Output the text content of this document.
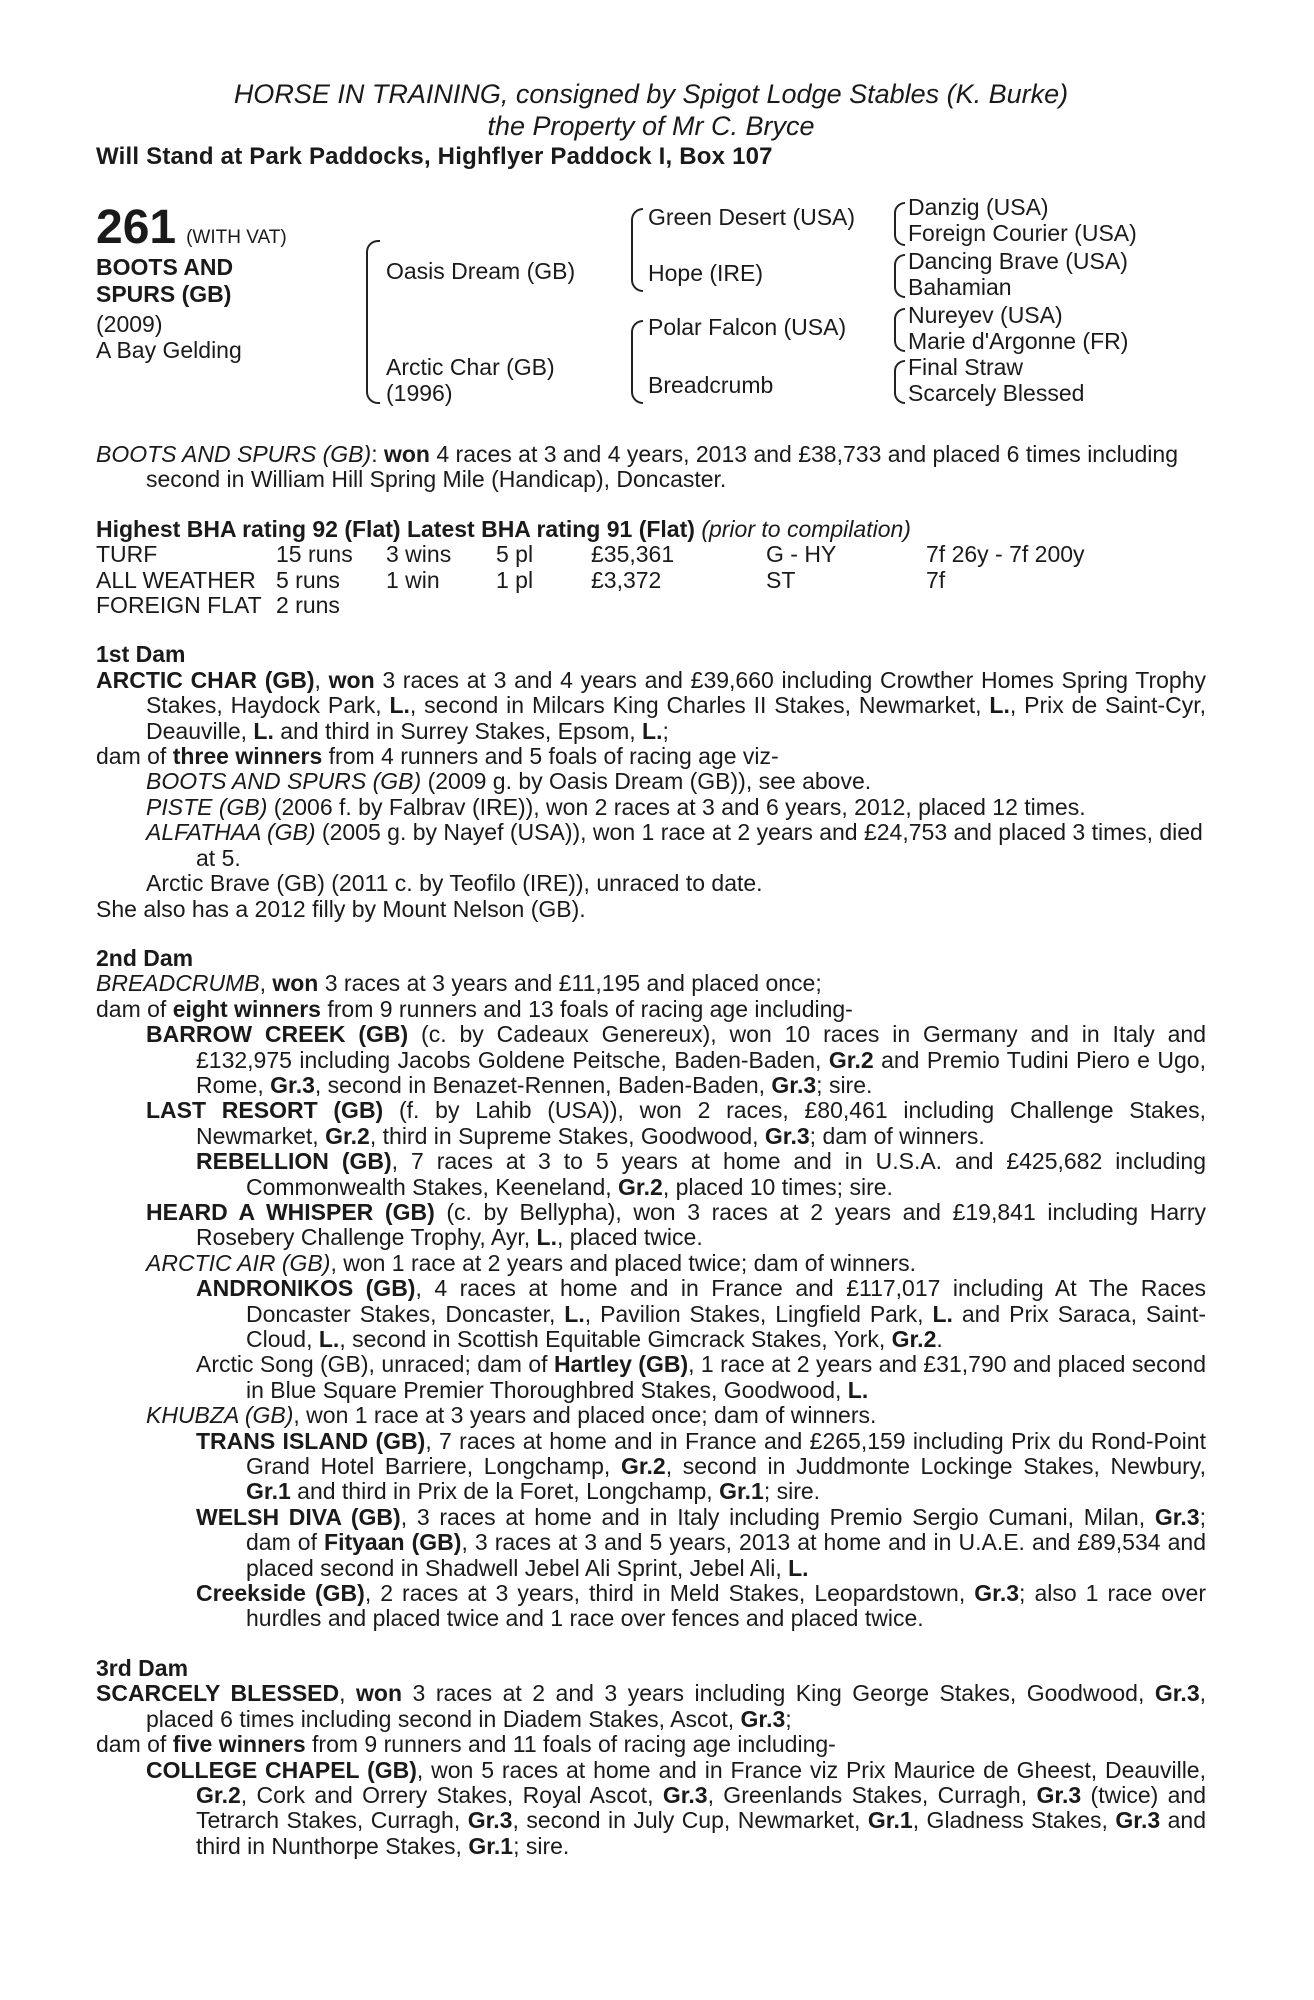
HORSE IN TRAINING, consigned by Spigot Lodge Stables (K. Burke)
the Property of Mr C. Bryce
Will Stand at Park Paddocks, Highflyer Paddock I, Box 107
261 (WITH VAT)
BOOTS AND SPURS (GB)
(2009)
A Bay Gelding
Oasis Dream (GB)
Arctic Char (GB)
(1996)
Green Desert (USA)
Hope (IRE)
Polar Falcon (USA)
Breadcrumb
Danzig (USA)
Foreign Courier (USA)
Dancing Brave (USA)
Bahamian
Nureyev (USA)
Marie d'Argonne (FR)
Final Straw
Scarcely Blessed

BOOTS AND SPURS (GB): won 4 races at 3 and 4 years, 2013 and £38,733 and placed 6 times including second in William Hill Spring Mile (Handicap), Doncaster.

Highest BHA rating 92 (Flat) Latest BHA rating 91 (Flat) (prior to compilation)
TURF	15 runs	3 wins	5 pl	£35,361	G - HY	7f 26y - 7f 200y
ALL WEATHER 5 runs	1 win	1 pl	£3,372	ST	7f
FOREIGN FLAT 2 runs
1st Dam

ARCTIC CHAR (GB), won 3 races at 3 and 4 years and £39,660 including Crowther Homes Spring Trophy Stakes, Haydock Park, L., second in Milcars King Charles II Stakes, Newmarket, L., Prix de Saint-Cyr, Deauville, L. and third in Surrey Stakes, Epsom, L.;

dam of three winners from 4 runners and 5 foals of racing age viz-

BOOTS AND SPURS (GB) (2009 g. by Oasis Dream (GB)), see above.

PISTE (GB) (2006 f. by Falbrav (IRE)), won 2 races at 3 and 6 years, 2012, placed 12 times.

ALFATHAA (GB) (2005 g. by Nayef (USA)), won 1 race at 2 years and £24,753 and placed 3 times, died at 5.

Arctic Brave (GB) (2011 c. by Teofilo (IRE)), unraced to date.

She also has a 2012 filly by Mount Nelson (GB).

2nd Dam

BREADCRUMB, won 3 races at 3 years and £11,195 and placed once;

dam of eight winners from 9 runners and 13 foals of racing age including-

BARROW CREEK (GB) (c. by Cadeaux Genereux), won 10 races in Germany and in Italy and £132,975 including Jacobs Goldene Peitsche, Baden-Baden, Gr.2 and Premio Tudini Piero e Ugo, Rome, Gr.3, second in Benazet-Rennen, Baden-Baden, Gr.3; sire.

LAST RESORT (GB) (f. by Lahib (USA)), won 2 races, £80,461 including Challenge Stakes, Newmarket, Gr.2, third in Supreme Stakes, Goodwood, Gr.3; dam of winners.

REBELLION (GB), 7 races at 3 to 5 years at home and in U.S.A. and £425,682 including Commonwealth Stakes, Keeneland, Gr.2, placed 10 times; sire.

HEARD A WHISPER (GB) (c. by Bellypha), won 3 races at 2 years and £19,841 including Harry Rosebery Challenge Trophy, Ayr, L., placed twice.

ARCTIC AIR (GB), won 1 race at 2 years and placed twice; dam of winners.

ANDRONIKOS (GB), 4 races at home and in France and £117,017 including At The Races Doncaster Stakes, Doncaster, L., Pavilion Stakes, Lingfield Park, L. and Prix Saraca, Saint-Cloud, L., second in Scottish Equitable Gimcrack Stakes, York, Gr.2.

Arctic Song (GB), unraced; dam of Hartley (GB), 1 race at 2 years and £31,790 and placed second in Blue Square Premier Thoroughbred Stakes, Goodwood, L.

KHUBZA (GB), won 1 race at 3 years and placed once; dam of winners.

TRANS ISLAND (GB), 7 races at home and in France and £265,159 including Prix du Rond-Point Grand Hotel Barriere, Longchamp, Gr.2, second in Juddmonte Lockinge Stakes, Newbury, Gr.1 and third in Prix de la Foret, Longchamp, Gr.1; sire.

WELSH DIVA (GB), 3 races at home and in Italy including Premio Sergio Cumani, Milan, Gr.3; dam of Fityaan (GB), 3 races at 3 and 5 years, 2013 at home and in U.A.E. and £89,534 and placed second in Shadwell Jebel Ali Sprint, Jebel Ali, L.

Creekside (GB), 2 races at 3 years, third in Meld Stakes, Leopardstown, Gr.3; also 1 race over hurdles and placed twice and 1 race over fences and placed twice.

3rd Dam

SCARCELY BLESSED, won 3 races at 2 and 3 years including King George Stakes, Goodwood, Gr.3, placed 6 times including second in Diadem Stakes, Ascot, Gr.3;

dam of five winners from 9 runners and 11 foals of racing age including-

COLLEGE CHAPEL (GB), won 5 races at home and in France viz Prix Maurice de Gheest, Deauville, Gr.2, Cork and Orrery Stakes, Royal Ascot, Gr.3, Greenlands Stakes, Curragh, Gr.3 (twice) and Tetrarch Stakes, Curragh, Gr.3, second in July Cup, Newmarket, Gr.1, Gladness Stakes, Gr.3 and third in Nunthorpe Stakes, Gr.1; sire.
